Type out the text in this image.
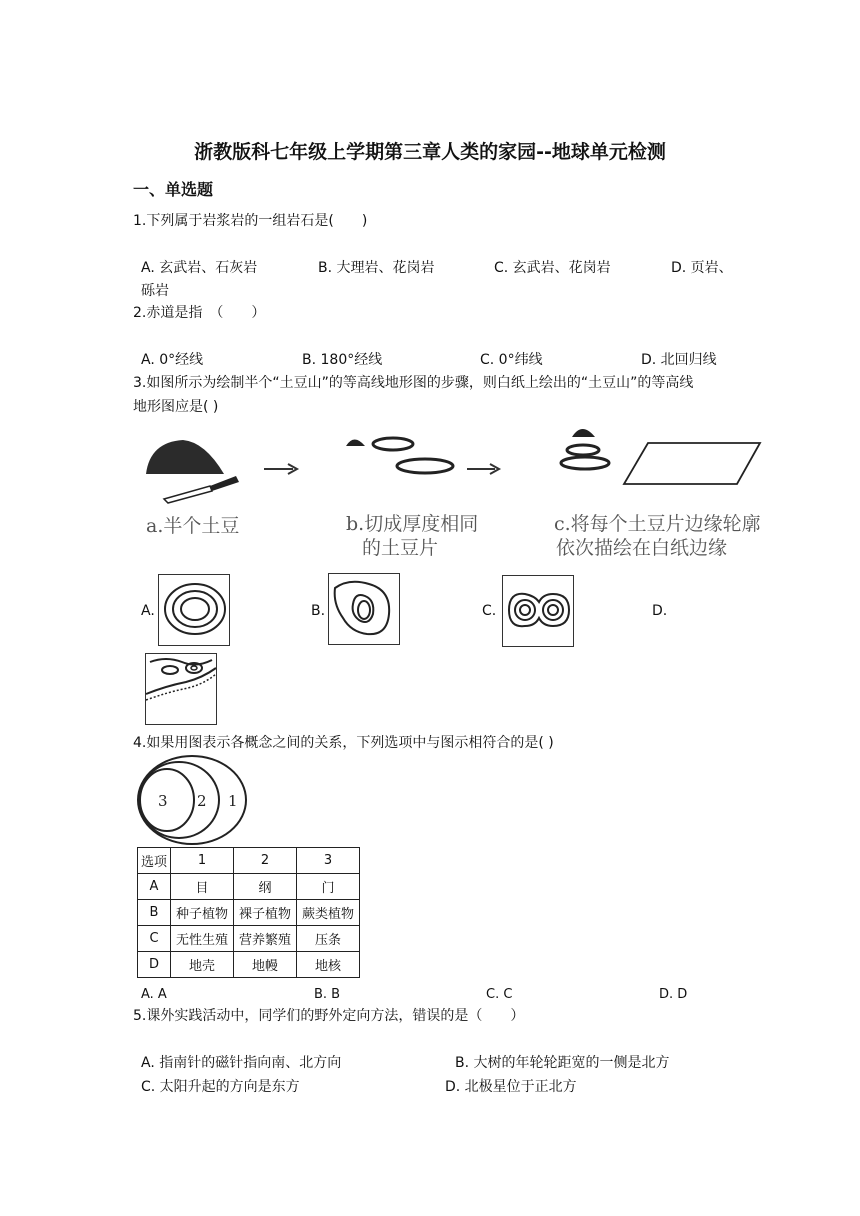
浙教版科七年级上学期第三章人类的家园--地球单元检测
一、单选题
1.下列属于岩浆岩的一组岩石是(　　)
A. 玄武岩、石灰岩	B. 大理岩、花岗岩	C. 玄武岩、花岗岩	D. 页岩、
砾岩
2.赤道是指　（　　）
A. 0°经线	B. 180°经线	C. 0°纬线	D. 北回归线
3.如图所示为绘制半个“土豆山”的等高线地形图的步骤，则白纸上绘出的“土豆山”的等高线
地形图应是( )
a.半个土豆	b.切成厚度相同
的土豆片
c.将每个土豆片边缘轮廓
依次描绘在白纸边缘
A.	B.	C.	D.
4.如果用图表示各概念之间的关系，下列选项中与图示相符合的是( )
3 2 1
选项	1	2	3
A	目	纲	门
B	种子植物	裸子植物	蕨类植物
C	无性生殖	营养繁殖	压条
D	地壳	地幔	地核
A. A	B. B	C. C	D. D
5.课外实践活动中，同学们的野外定向方法，错误的是（　　）
A. 指南针的磁针指向南、北方向	B. 大树的年轮轮距宽的一侧是北方
C. 太阳升起的方向是东方	D. 北极星位于正北方
